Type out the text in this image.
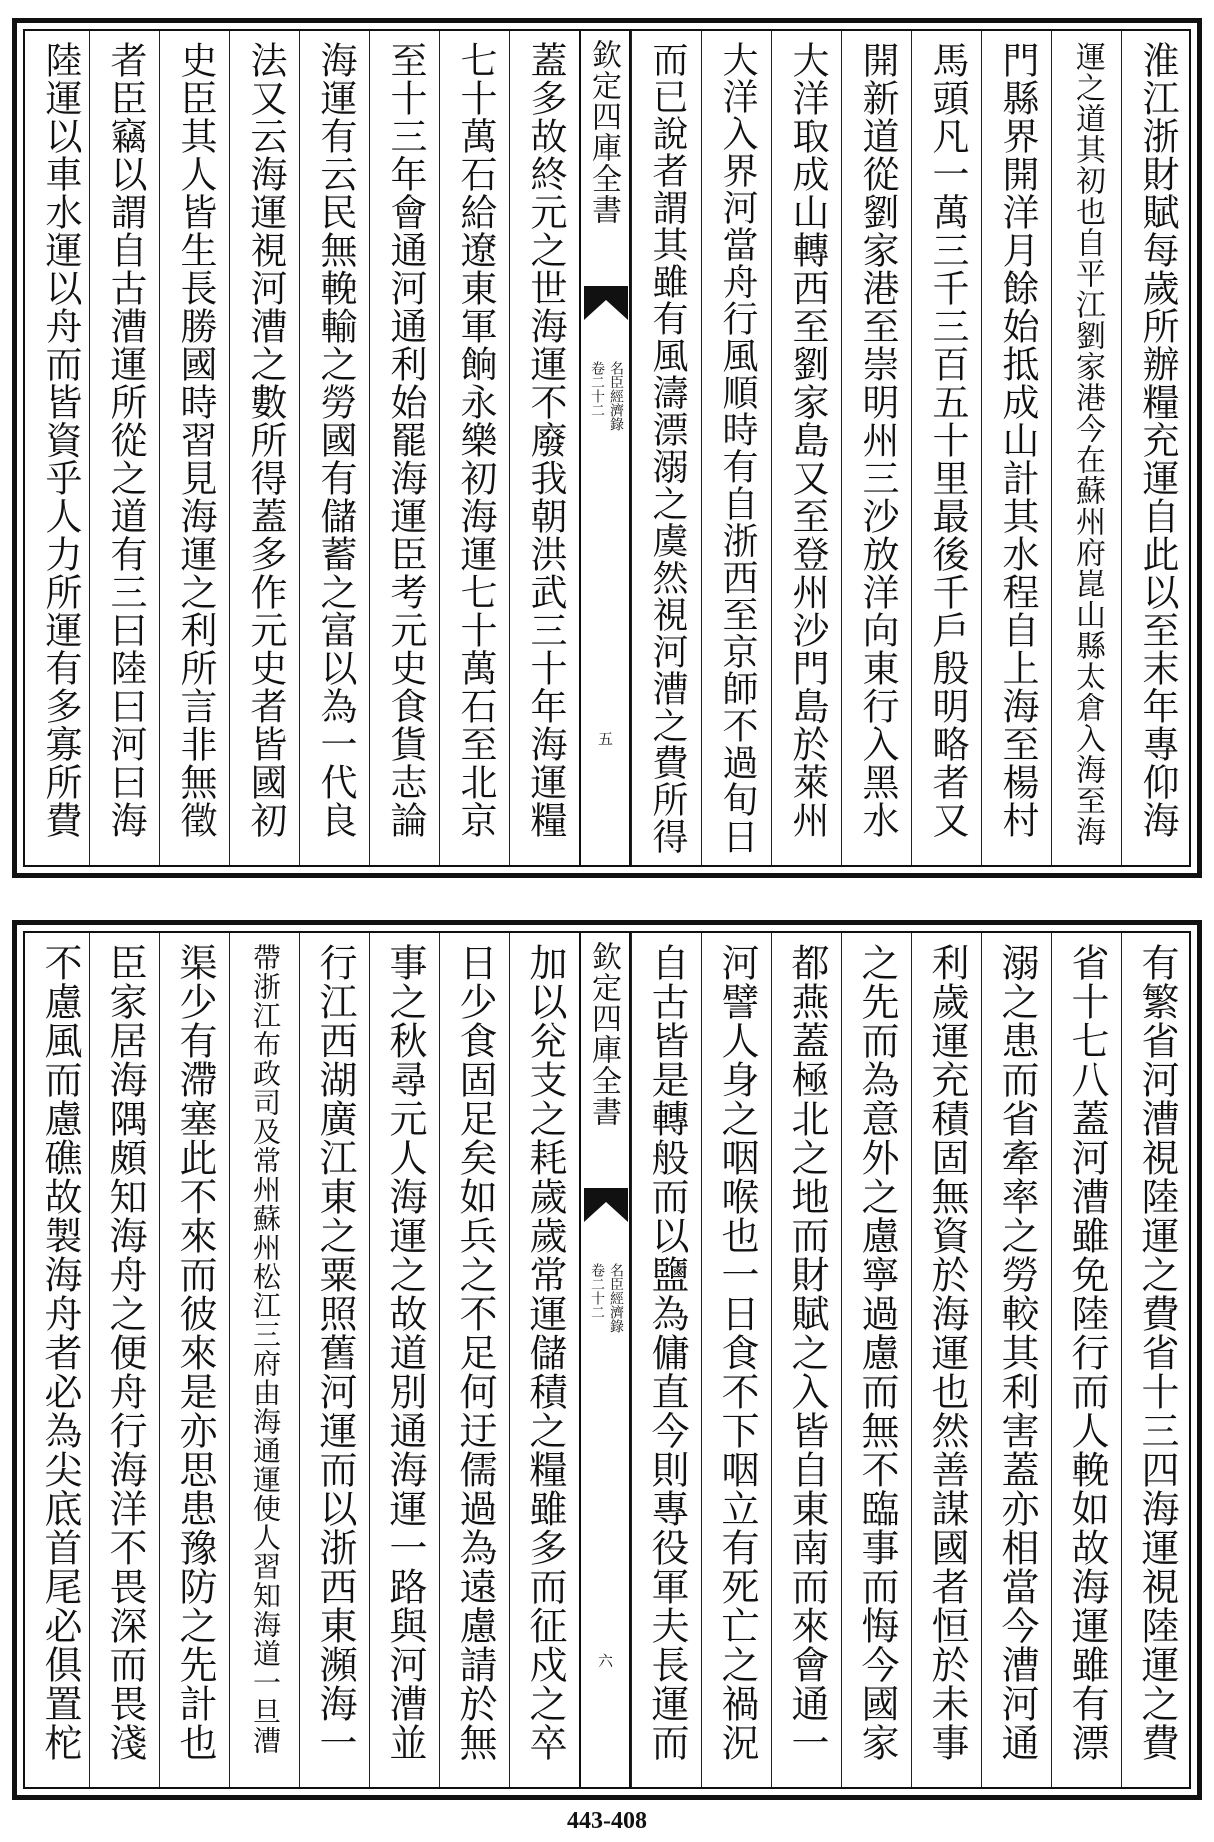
淮江浙財賦每歲所辦糧充運自此以至末年專仰海
運之道其初也自平江劉家港今在蘇州府崑山縣太倉入海至海
門縣界開洋月餘始抵成山計其水程自上海至楊村
馬頭凡一萬三千三百五十里最後千戶殷明略者又
開新道從劉家港至崇明州三沙放洋向東行入黑水
大洋取成山轉西至劉家島又至登州沙門島於萊州
大洋入界河當舟行風順時有自浙西至京師不過旬日
而已說者謂其雖有風濤漂溺之虞然視河漕之費所得
欽定四庫全書
名臣經濟錄
卷二十二
五
蓋多故終元之世海運不廢我朝洪武三十年海運糧
七十萬石給遼東軍餉永樂初海運七十萬石至北京
至十三年會通河通利始罷海運臣考元史食貨志論
海運有云民無輓輸之勞國有儲蓄之富以為一代良
法又云海運視河漕之數所得蓋多作元史者皆國初
史臣其人皆生長勝國時習見海運之利所言非無徵
者臣竊以謂自古漕運所從之道有三曰陸曰河曰海
陸運以車水運以舟而皆資乎人力所運有多寡所費
有繁省河漕視陸運之費省十三四海運視陸運之費
省十七八蓋河漕雖免陸行而人輓如故海運雖有漂
溺之患而省牽率之勞較其利害蓋亦相當今漕河通
利歲運充積固無資於海運也然善謀國者恒於未事
之先而為意外之慮寧過慮而無不臨事而悔今國家
都燕蓋極北之地而財賦之入皆自東南而來會通一
河譬人身之咽喉也一日食不下咽立有死亡之禍況
自古皆是轉般而以鹽為傭直今則專役軍夫長運而
欽定四庫全書
名臣經濟錄
卷二十二
六
加以兊支之耗歲歲常運儲積之糧雖多而征戍之卒
日少食固足矣如兵之不足何迂儒過為遠慮請於無
事之秋尋元人海運之故道別通海運一路與河漕並
行江西湖廣江東之粟照舊河運而以浙西東瀕海一
帶浙江布政司及常州蘇州松江三府由海通運使人習知海道一旦漕
渠少有滯塞此不來而彼來是亦思患豫防之先計也
臣家居海隅頗知海舟之便舟行海洋不畏深而畏淺
不慮風而慮礁故製海舟者必為尖底首尾必俱置柁
443-408
